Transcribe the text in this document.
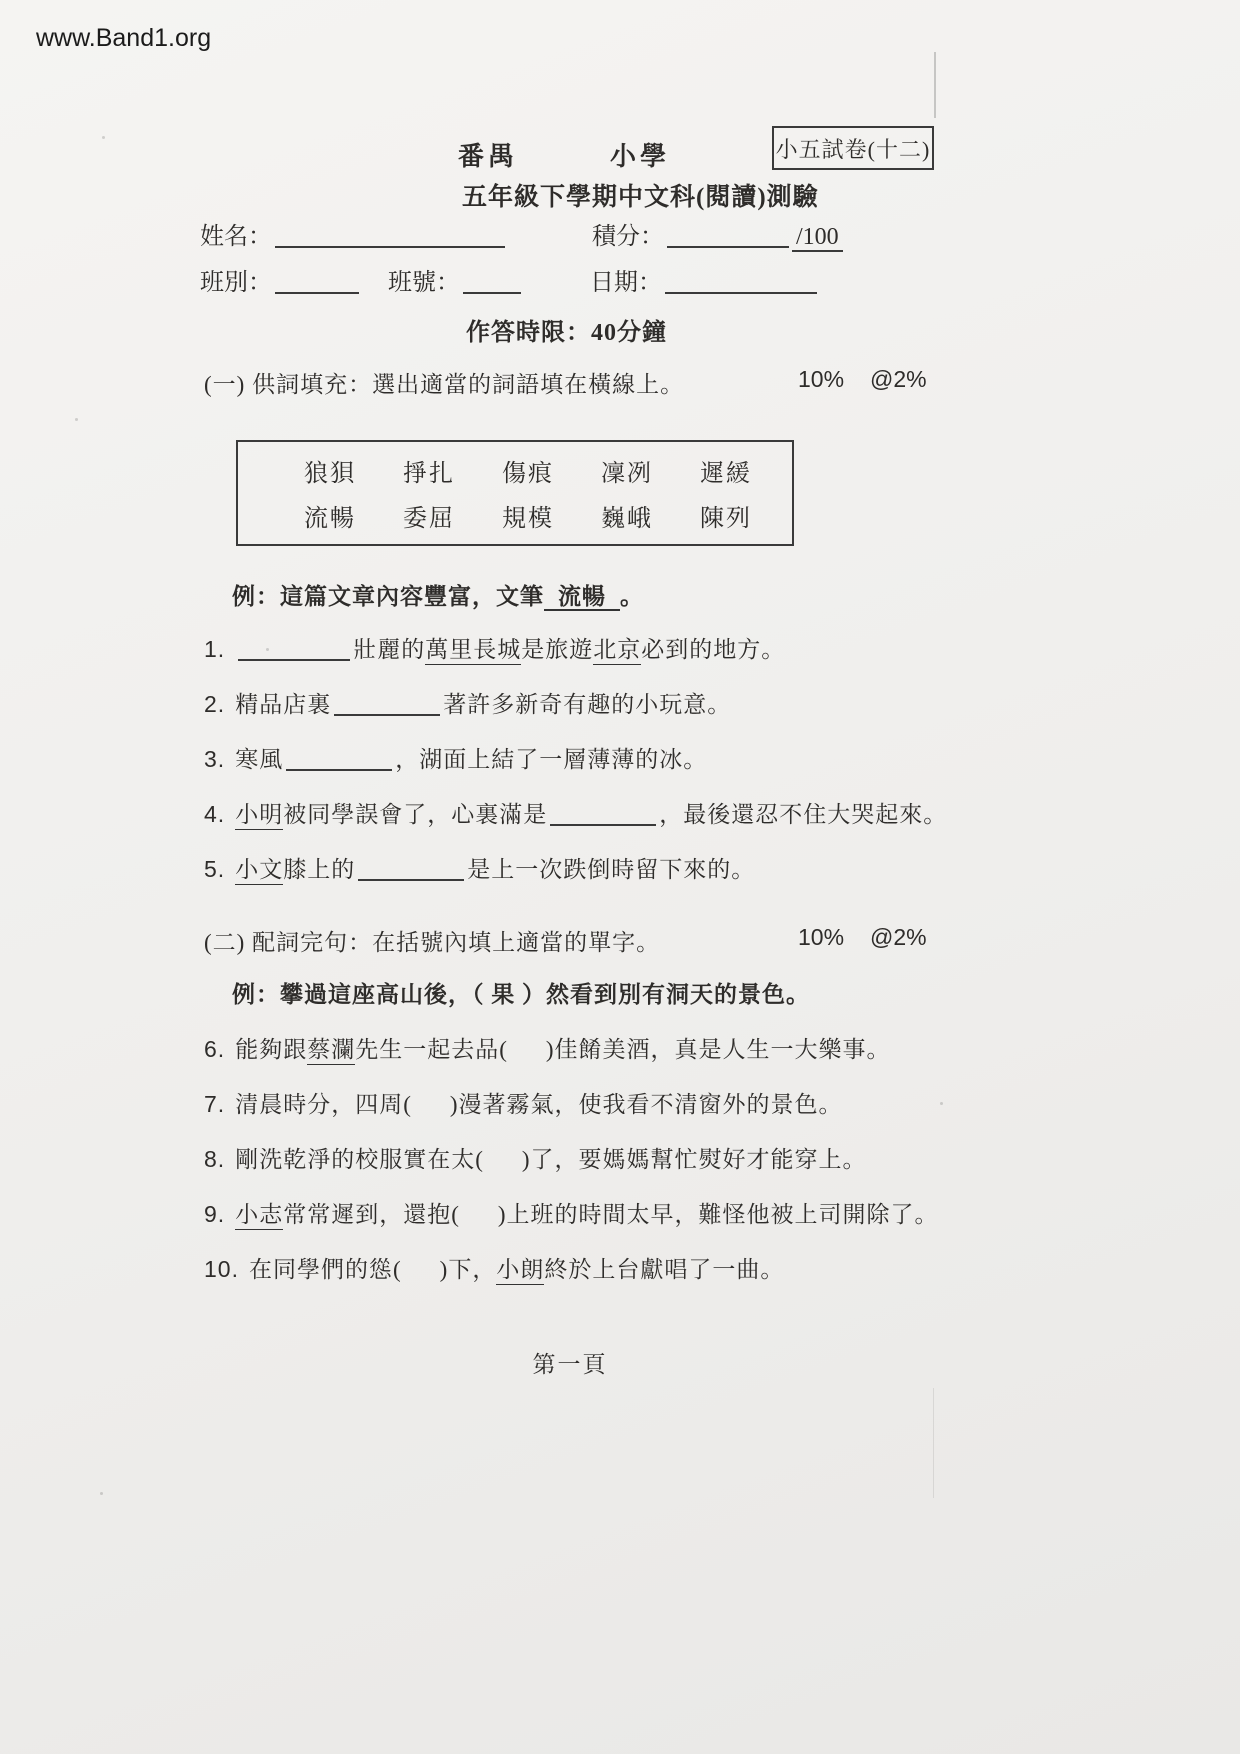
www.Band1.org
小五試卷(十二)
番禺	小學
五年級下學期中文科(閱讀)測驗
姓名：	積分：	/100
班別：	班號：	日期：
作答時限：40分鐘
(一) 供詞填充：選出適當的詞語填在橫線上。	10% @2%
狼狽 掙扎 傷痕 凜冽 遲緩
流暢 委屈 規模 巍峨 陳列
例：這篇文章內容豐富，文筆 流暢 。
1.	壯麗的萬里長城是旅遊北京必到的地方。
2. 精品店裏	著許多新奇有趣的小玩意。
3. 寒風	，湖面上結了一層薄薄的冰。
4. 小明被同學誤會了，心裏滿是	，最後還忍不住大哭起來。
5. 小文膝上的	是上一次跌倒時留下來的。
(二) 配詞完句：在括號內填上適當的單字。	10% @2%
例：攀過這座高山後，（ 果 ）然看到別有洞天的景色。
6. 能夠跟蔡瀾先生一起去品( )佳餚美酒，真是人生一大樂事。
7. 清晨時分，四周( )漫著霧氣，使我看不清窗外的景色。
8. 剛洗乾淨的校服實在太( )了，要媽媽幫忙熨好才能穿上。
9. 小志常常遲到，還抱( )上班的時間太早，難怪他被上司開除了。
10. 在同學們的慫( )下，小朗終於上台獻唱了一曲。
第一頁
